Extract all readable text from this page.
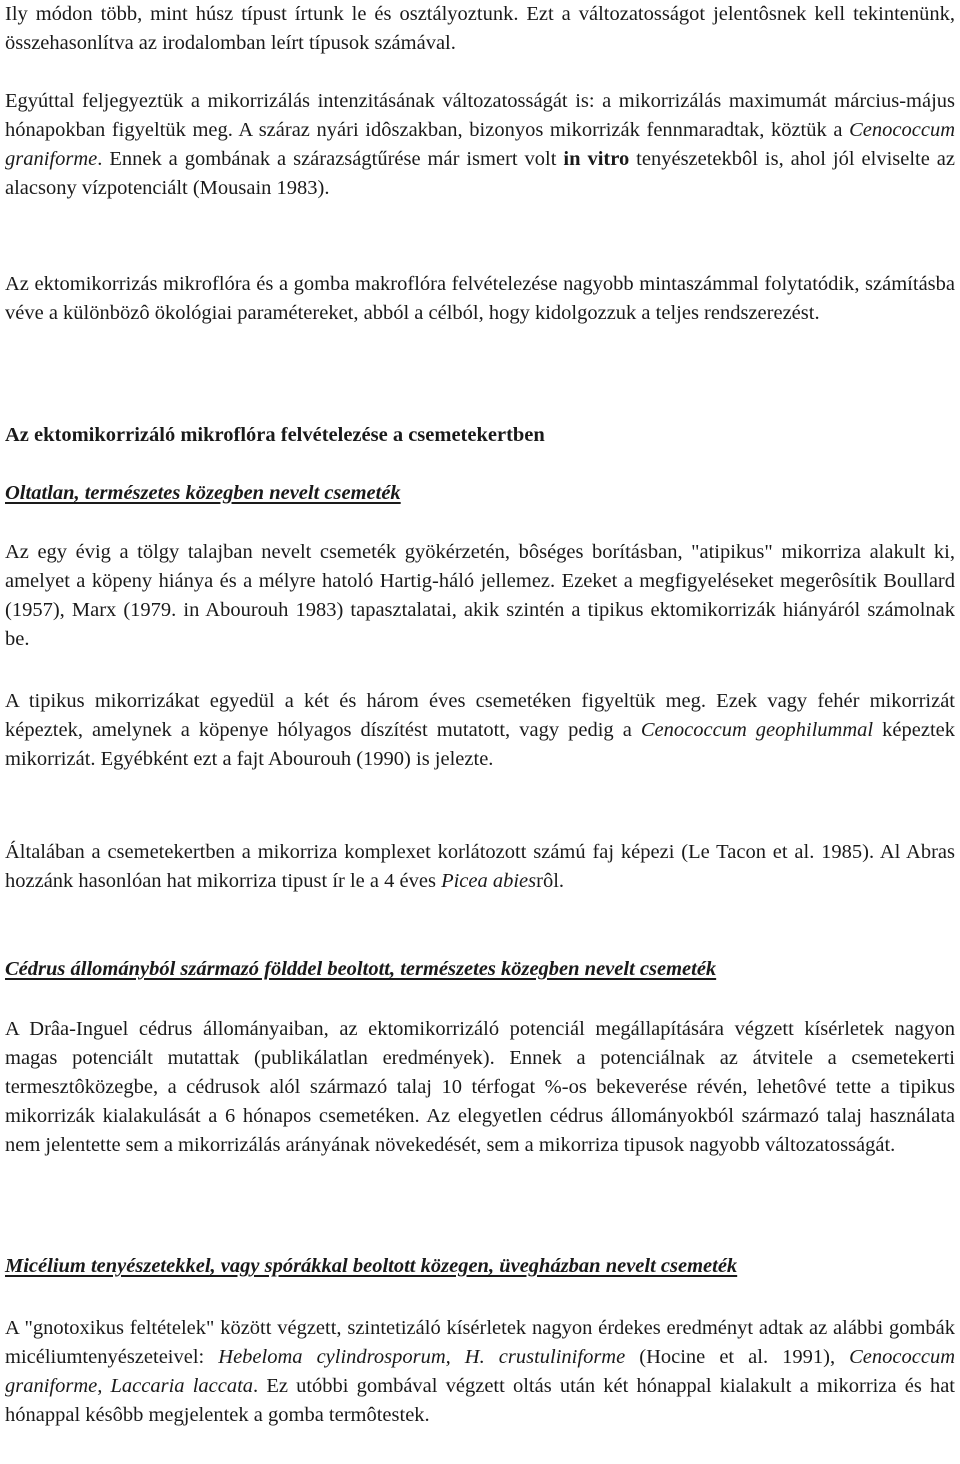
Ily módon több, mint húsz típust írtunk le és osztályoztunk. Ezt a változatosságot jelentôsnek kell tekintenünk, összehasonlítva az irodalomban leírt típusok számával.

Egyúttal feljegyeztük a mikorrizálás intenzitásának változatosságát is: a mikorrizálás maximumát március-május hónapokban figyeltük meg. A száraz nyári idôszakban, bizonyos mikorrizák fennmaradtak, köztük a Cenococcum graniforme. Ennek a gombának a szárazságtűrése már ismert volt in vitro tenyészetekbôl is, ahol jól elviselte az alacsony vízpotenciált (Mousain 1983).

Az ektomikorrizás mikroflóra és a gomba makroflóra felvételezése nagyobb mintaszámmal folytatódik, számításba véve a különbözô ökológiai paramétereket, abból a célból, hogy kidolgozzuk a teljes rendszerezést.

Az ektomikorrizáló mikroflóra felvételezése a csemetekertben
Oltatlan, természetes közegben nevelt csemeték

Az egy évig a tölgy talajban nevelt csemeték gyökérzetén, bôséges borításban, "atipikus" mikorriza alakult ki, amelyet a köpeny hiánya és a mélyre hatoló Hartig-háló jellemez. Ezeket a megfigyeléseket megerôsítik Boullard (1957), Marx (1979. in Abourouh 1983) tapasztalatai, akik szintén a tipikus ektomikorrizák hiányáról számolnak be.

A tipikus mikorrizákat egyedül a két és három éves csemetéken figyeltük meg. Ezek vagy fehér mikorrizát képeztek, amelynek a köpenye hólyagos díszítést mutatott, vagy pedig a Cenococcum geophilummal képeztek mikorrizát. Egyébként ezt a fajt Abourouh (1990) is jelezte.

Általában a csemetekertben a mikorriza komplexet korlátozott számú faj képezi (Le Tacon et al. 1985). Al Abras hozzánk hasonlóan hat mikorriza tipust ír le a 4 éves Picea abiesrôl.

Cédrus állományból származó földdel beoltott, természetes közegben nevelt csemeték

A Drâa-Inguel cédrus állományaiban, az ektomikorrizáló potenciál megállapítására végzett kísérletek nagyon magas potenciált mutattak (publikálatlan eredmények). Ennek a potenciálnak az átvitele a csemetekerti termesztôközegbe, a cédrusok alól származó talaj 10 térfogat %-os bekeverése révén, lehetôvé tette a tipikus mikorrizák kialakulását a 6 hónapos csemetéken. Az elegyetlen cédrus állományokból származó talaj használata nem jelentette sem a mikorrizálás arányának növekedését, sem a mikorriza tipusok nagyobb változatosságát.

Micélium tenyészetekkel, vagy spórákkal beoltott közegen, üvegházban nevelt csemeték

A "gnotoxikus feltételek" között végzett, szintetizáló kísérletek nagyon érdekes eredményt adtak az alábbi gombák micéliumtenyészeteivel: Hebeloma cylindrosporum, H. crustuliniforme (Hocine et al. 1991), Cenococcum graniforme, Laccaria laccata. Ez utóbbi gombával végzett oltás után két hónappal kialakult a mikorriza és hat hónappal késôbb megjelentek a gomba termôtestek.
